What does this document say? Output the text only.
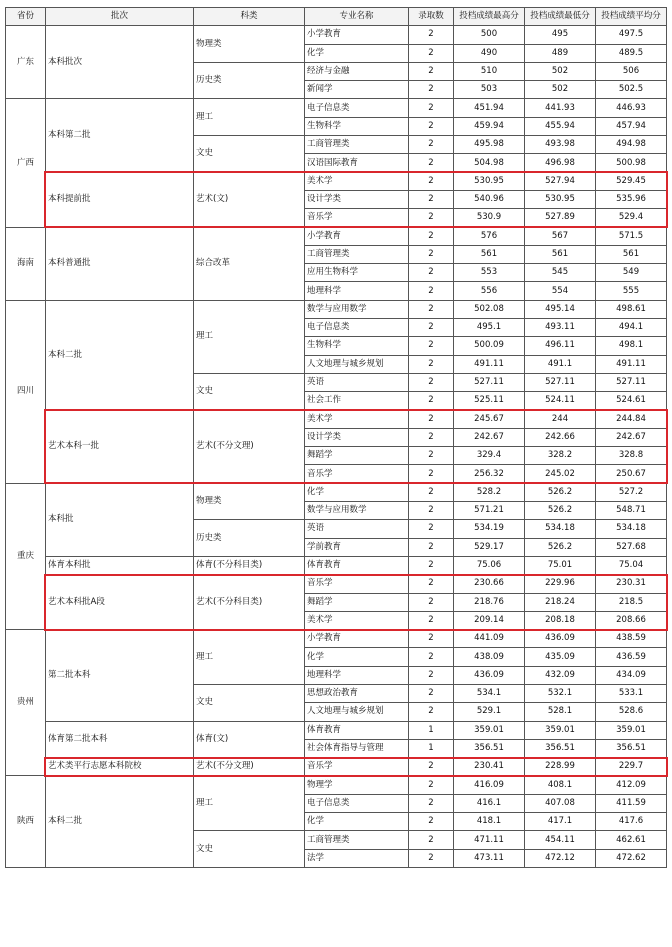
省份	批次	科类	专业名称	录取数	投档成绩最高分	投档成绩最低分	投档成绩平均分
广东	本科批次	物理类	小学教育	2	500	495	497.5
			化学	2	490	489	489.5
		历史类	经济与金融	2	510	502	506
			新闻学	2	503	502	502.5
广西	本科第二批	理工	电子信息类	2	451.94	441.93	446.93
			生物科学	2	459.94	455.94	457.94
		文史	工商管理类	2	495.98	493.98	494.98
			汉语国际教育	2	504.98	496.98	500.98
	本科提前批	艺术(文)	美术学	2	530.95	527.94	529.45
			设计学类	2	540.96	530.95	535.96
			音乐学	2	530.9	527.89	529.4
海南	本科普通批	综合改革	小学教育	2	576	567	571.5
			工商管理类	2	561	561	561
			应用生物科学	2	553	545	549
			地理科学	2	556	554	555
四川	本科二批	理工	数学与应用数学	2	502.08	495.14	498.61
			电子信息类	2	495.1	493.11	494.1
			生物科学	2	500.09	496.11	498.1
			人文地理与城乡规划	2	491.11	491.1	491.11
		文史	英语	2	527.11	527.11	527.11
			社会工作	2	525.11	524.11	524.61
	艺术本科一批	艺术(不分文理)	美术学	2	245.67	244	244.84
			设计学类	2	242.67	242.66	242.67
			舞蹈学	2	329.4	328.2	328.8
			音乐学	2	256.32	245.02	250.67
重庆	本科批	物理类	化学	2	528.2	526.2	527.2
			数学与应用数学	2	571.21	526.2	548.71
		历史类	英语	2	534.19	534.18	534.18
			学前教育	2	529.17	526.2	527.68
	体育本科批	体育(不分科目类)	体育教育	2	75.06	75.01	75.04
	艺术本科批A段	艺术(不分科目类)	音乐学	2	230.66	229.96	230.31
			舞蹈学	2	218.76	218.24	218.5
			美术学	2	209.14	208.18	208.66
贵州	第二批本科	理工	小学教育	2	441.09	436.09	438.59
			化学	2	438.09	435.09	436.59
			地理科学	2	436.09	432.09	434.09
		文史	思想政治教育	2	534.1	532.1	533.1
			人文地理与城乡规划	2	529.1	528.1	528.6
	体育第二批本科	体育(文)	体育教育	1	359.01	359.01	359.01
			社会体育指导与管理	1	356.51	356.51	356.51
	艺术类平行志愿本科院校	艺术(不分文理)	音乐学	2	230.41	228.99	229.7
陕西	本科二批	理工	物理学	2	416.09	408.1	412.09
			电子信息类	2	416.1	407.08	411.59
			化学	2	418.1	417.1	417.6
		文史	工商管理类	2	471.11	454.11	462.61
			法学	2	473.11	472.12	472.62
